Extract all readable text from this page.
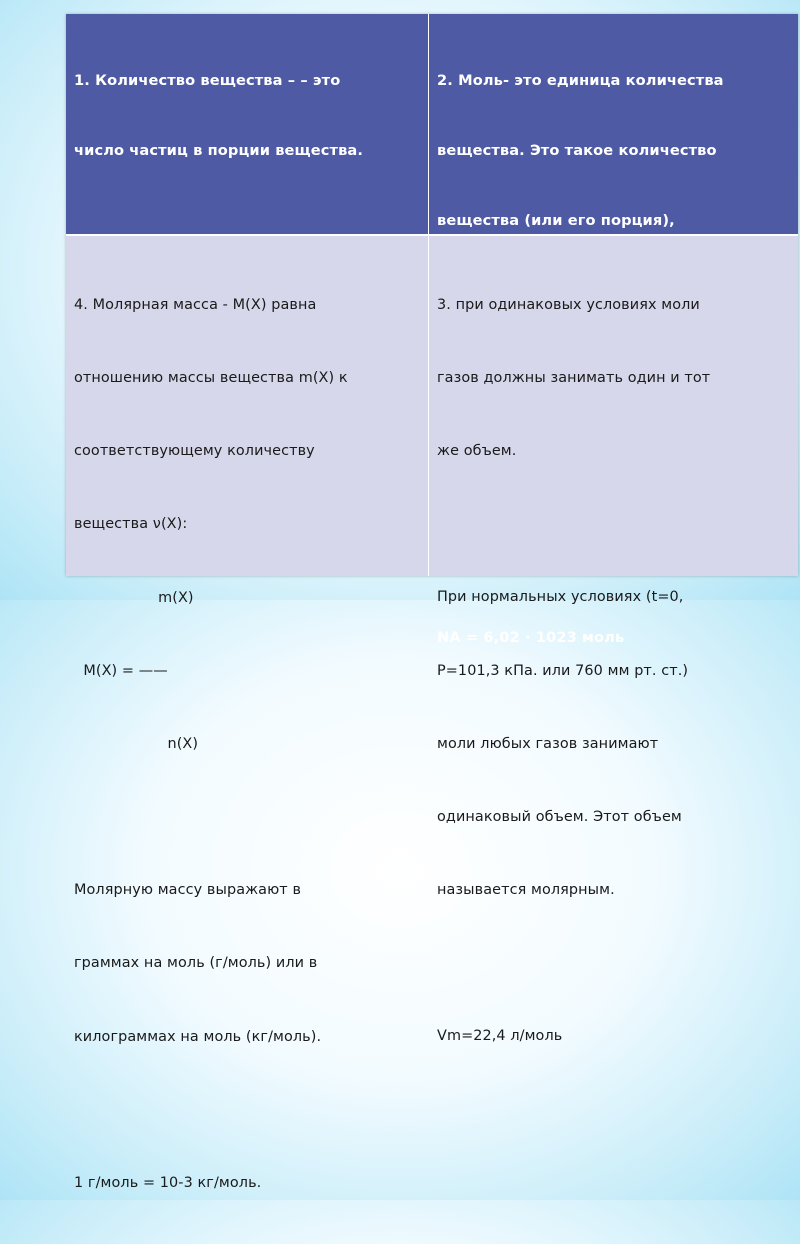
1. Количество вещества – – это

число частиц в порции вещества.

2. Моль- это единица количества

вещества. Это такое количество

вещества (или его порция),

NA = 6,02 · 1023 моль

4. Молярная масса - M(X) равна

отношению массы вещества m(X) к

соответствующему количеству

вещества ν(X):

m(X)

M(X) = ——

n(X)

Молярную массу выражают в

граммах на моль (г/моль) или в

килограммах на моль (кг/моль).

1 г/моль = 10-3 кг/моль.

3. при одинаковых условиях моли

газов должны занимать один и тот

же объем.

При нормальных условиях (t=0,

P=101,3 кПа. или 760 мм рт. ст.)

моли любых газов занимают

одинаковый объем. Этот объем

называется молярным.

Vm=22,4 л/моль
